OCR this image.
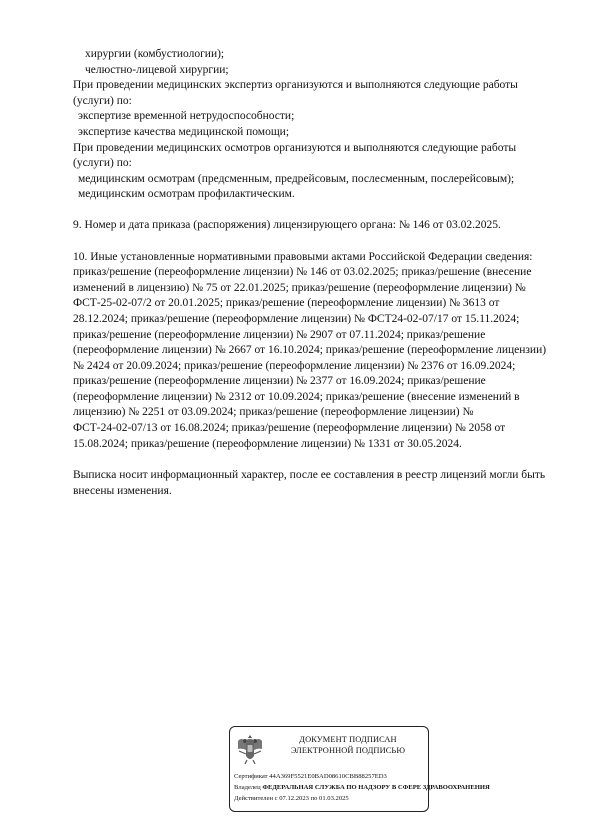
хирургии (комбустиологии);
челюстно-лицевой хирургии;
При проведении медицинских экспертиз организуются и выполняются следующие работы
(услуги) по:
экспертизе временной нетрудоспособности;
экспертизе качества медицинской помощи;
При проведении медицинских осмотров организуются и выполняются следующие работы
(услуги) по:
медицинским осмотрам (предсменным, предрейсовым, послесменным, послерейсовым);
медицинским осмотрам профилактическим.
9. Номер и дата приказа (распоряжения) лицензирующего органа: № 146 от 03.02.2025.
10. Иные установленные нормативными правовыми актами Российской Федерации сведения:
приказ/решение (переоформление лицензии) № 146 от 03.02.2025; приказ/решение (внесение
изменений в лицензию) № 75 от 22.01.2025; приказ/решение (переоформление лицензии) №
ФСТ-25-02-07/2 от 20.01.2025; приказ/решение (переоформление лицензии) № 3613 от
28.12.2024; приказ/решение (переоформление лицензии) № ФСТ24-02-07/17 от 15.11.2024;
приказ/решение (переоформление лицензии) № 2907 от 07.11.2024; приказ/решение
(переоформление лицензии) № 2667 от 16.10.2024; приказ/решение (переоформление лицензии)
№ 2424 от 20.09.2024; приказ/решение (переоформление лицензии) № 2376 от 16.09.2024;
приказ/решение (переоформление лицензии) № 2377 от 16.09.2024; приказ/решение
(переоформление лицензии) № 2312 от 10.09.2024; приказ/решение (внесение изменений в
лицензию) № 2251 от 03.09.2024; приказ/решение (переоформление лицензии) №
ФСТ-24-02-07/13 от 16.08.2024; приказ/решение (переоформление лицензии) № 2058 от
15.08.2024; приказ/решение (переоформление лицензии) № 1331 от 30.05.2024.
Выписка носит информационный характер, после ее составления в реестр лицензий могли быть
внесены изменения.
ДОКУМЕНТ ПОДПИСАН
ЭЛЕКТРОННОЙ ПОДПИСЬЮ
Сертификат 44A369F5521E0BAD08610CBB88257ED3
Владелец ФЕДЕРАЛЬНАЯ СЛУЖБА ПО НАДЗОРУ В СФЕРЕ ЗДРАВООХРАНЕНИЯ
Действителен с 07.12.2023 по 01.03.2025
